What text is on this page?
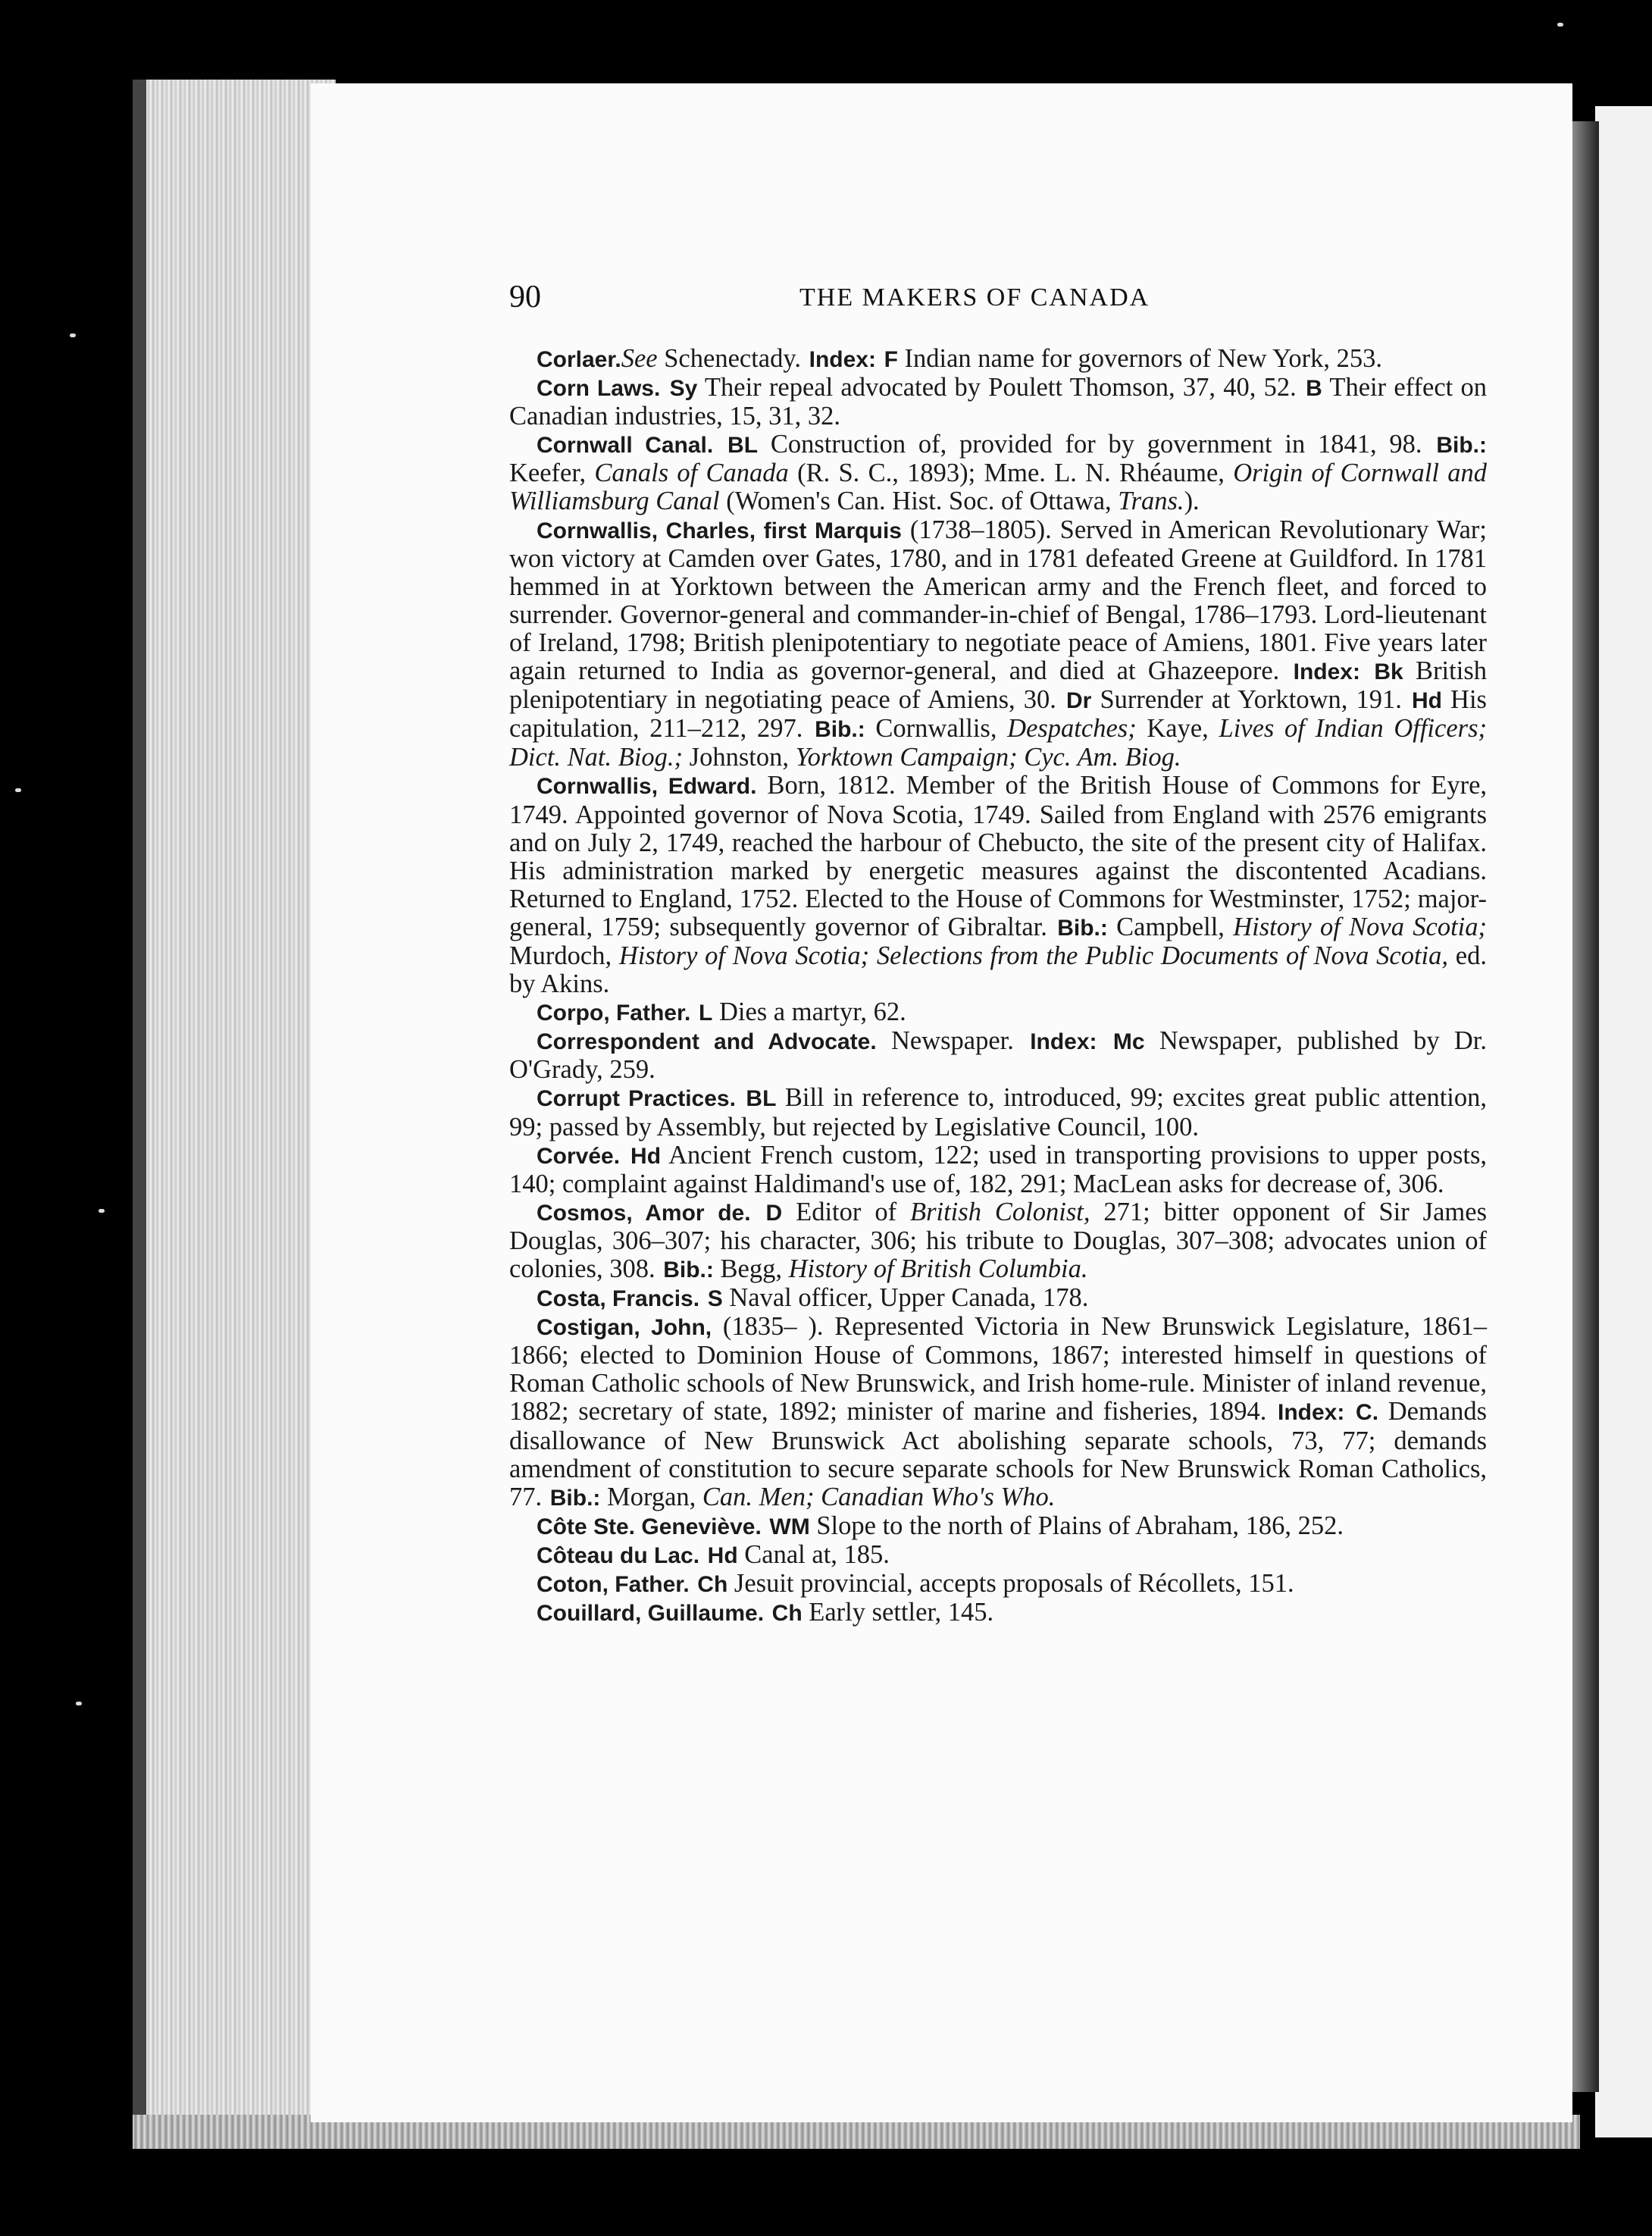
90	THE MAKERS OF CANADA

Corlaer.See Schenectady. Index: F Indian name for governors of New York, 253.

Corn Laws. Sy Their repeal advocated by Poulett Thomson, 37, 40, 52. B Their effect on Canadian industries, 15, 31, 32.

Cornwall Canal. BL Construction of, provided for by government in 1841, 98. Bib.: Keefer, Canals of Canada (R. S. C., 1893); Mme. L. N. Rhéaume, Origin of Cornwall and Williamsburg Canal (Women's Can. Hist. Soc. of Ottawa, Trans.).

Cornwallis, Charles, first Marquis (1738–1805). Served in American Revolutionary War; won victory at Camden over Gates, 1780, and in 1781 defeated Greene at Guildford. In 1781 hemmed in at Yorktown between the American army and the French fleet, and forced to surrender. Governor-general and commander-in-chief of Bengal, 1786–1793. Lord-lieutenant of Ireland, 1798; British plenipotentiary to negotiate peace of Amiens, 1801. Five years later again returned to India as governor-general, and died at Ghazeepore. Index: Bk British plenipotentiary in negotiating peace of Amiens, 30. Dr Surrender at Yorktown, 191. Hd His capitulation, 211–212, 297. Bib.: Cornwallis, Despatches; Kaye, Lives of Indian Officers; Dict. Nat. Biog.; Johnston, Yorktown Campaign; Cyc. Am. Biog.

Cornwallis, Edward. Born, 1812. Member of the British House of Commons for Eyre, 1749. Appointed governor of Nova Scotia, 1749. Sailed from England with 2576 emigrants and on July 2, 1749, reached the harbour of Chebucto, the site of the present city of Halifax. His administration marked by energetic measures against the discontented Acadians. Returned to England, 1752. Elected to the House of Commons for Westminster, 1752; major-general, 1759; subsequently governor of Gibraltar. Bib.: Campbell, History of Nova Scotia; Murdoch, History of Nova Scotia; Selections from the Public Documents of Nova Scotia, ed. by Akins.

Corpo, Father. L Dies a martyr, 62.

Correspondent and Advocate. Newspaper. Index: Mc Newspaper, published by Dr. O'Grady, 259.

Corrupt Practices. BL Bill in reference to, introduced, 99; excites great public attention, 99; passed by Assembly, but rejected by Legislative Council, 100.

Corvée. Hd Ancient French custom, 122; used in transporting provisions to upper posts, 140; complaint against Haldimand's use of, 182, 291; MacLean asks for decrease of, 306.

Cosmos, Amor de. D Editor of British Colonist, 271; bitter opponent of Sir James Douglas, 306–307; his character, 306; his tribute to Douglas, 307–308; advocates union of colonies, 308. Bib.: Begg, History of British Columbia.

Costa, Francis. S Naval officer, Upper Canada, 178.

Costigan, John, (1835– ). Represented Victoria in New Brunswick Legislature, 1861–1866; elected to Dominion House of Commons, 1867; interested himself in questions of Roman Catholic schools of New Brunswick, and Irish home-rule. Minister of inland revenue, 1882; secretary of state, 1892; minister of marine and fisheries, 1894. Index: C. Demands disallowance of New Brunswick Act abolishing separate schools, 73, 77; demands amendment of constitution to secure separate schools for New Brunswick Roman Catholics, 77. Bib.: Morgan, Can. Men; Canadian Who's Who.

Côte Ste. Geneviève. WM Slope to the north of Plains of Abraham, 186, 252.

Côteau du Lac. Hd Canal at, 185.

Coton, Father. Ch Jesuit provincial, accepts proposals of Récollets, 151.

Couillard, Guillaume. Ch Early settler, 145.
